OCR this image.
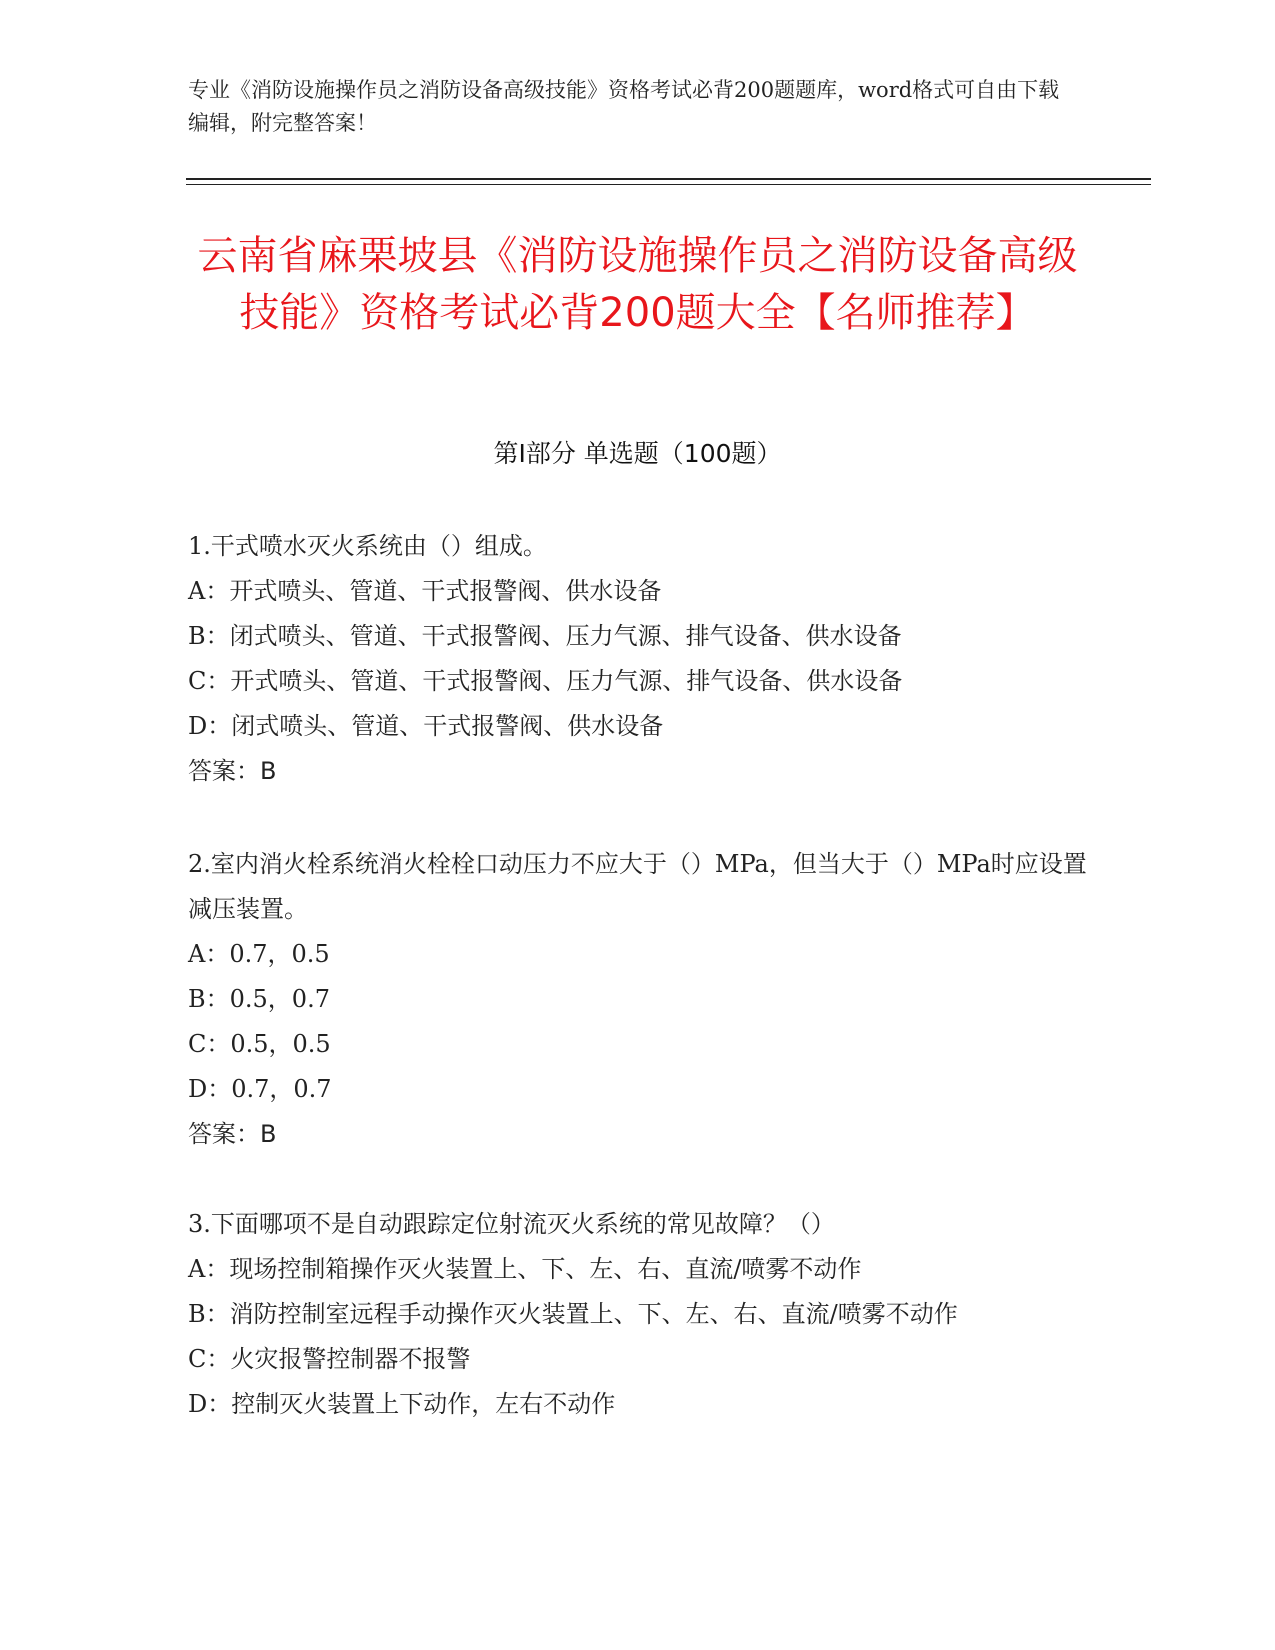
专业《消防设施操作员之消防设备高级技能》资格考试必背200题题库，word格式可自由下载编辑，附完整答案！
云南省麻栗坡县《消防设施操作员之消防设备高级技能》资格考试必背200题大全【名师推荐】
第I部分 单选题（100题）
1.干式喷水灭火系统由（）组成。
A：开式喷头、管道、干式报警阀、供水设备
B：闭式喷头、管道、干式报警阀、压力气源、排气设备、供水设备
C：开式喷头、管道、干式报警阀、压力气源、排气设备、供水设备
D：闭式喷头、管道、干式报警阀、供水设备
答案：B
2.室内消火栓系统消火栓栓口动压力不应大于（）MPa，但当大于（）MPa时应设置减压装置。
A：0.7，0.5
B：0.5，0.7
C：0.5，0.5
D：0.7，0.7
答案：B
3.下面哪项不是自动跟踪定位射流灭火系统的常见故障？（）
A：现场控制箱操作灭火装置上、下、左、右、直流/喷雾不动作
B：消防控制室远程手动操作灭火装置上、下、左、右、直流/喷雾不动作
C：火灾报警控制器不报警
D：控制灭火装置上下动作，左右不动作
